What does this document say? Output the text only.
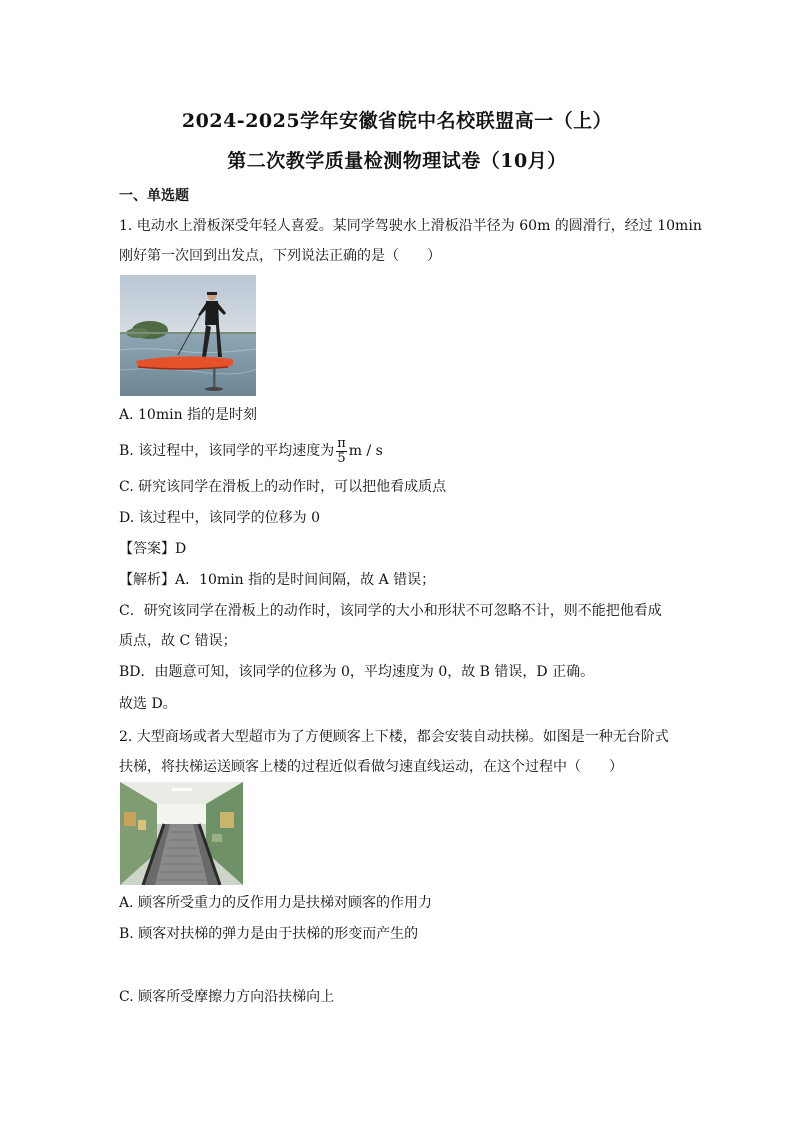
2024-2025学年安徽省皖中名校联盟高一（上）
第二次教学质量检测物理试卷（10月）
一、单选题
1. 电动水上滑板深受年轻人喜爱。某同学驾驶水上滑板沿半径为 60m 的圆滑行，经过 10min
刚好第一次回到出发点，下列说法正确的是（　　）
A. 10min 指的是时刻
B. 该过程中，该同学的平均速度为 $\frac{\pi}{5}$ m / s
C. 研究该同学在滑板上的动作时，可以把他看成质点
D. 该过程中，该同学的位移为 0
【答案】D
【解析】A．10min 指的是时间间隔，故 A 错误；
C．研究该同学在滑板上的动作时，该同学的大小和形状不可忽略不计，则不能把他看成
质点，故 C 错误；
BD．由题意可知，该同学的位移为 0，平均速度为 0，故 B 错误，D 正确。
故选 D。
2. 大型商场或者大型超市为了方便顾客上下楼，都会安装自动扶梯。如图是一种无台阶式
扶梯，将扶梯运送顾客上楼的过程近似看做匀速直线运动，在这个过程中（　　）
A. 顾客所受重力的反作用力是扶梯对顾客的作用力
B. 顾客对扶梯的弹力是由于扶梯的形变而产生的
C. 顾客所受摩擦力方向沿扶梯向上
